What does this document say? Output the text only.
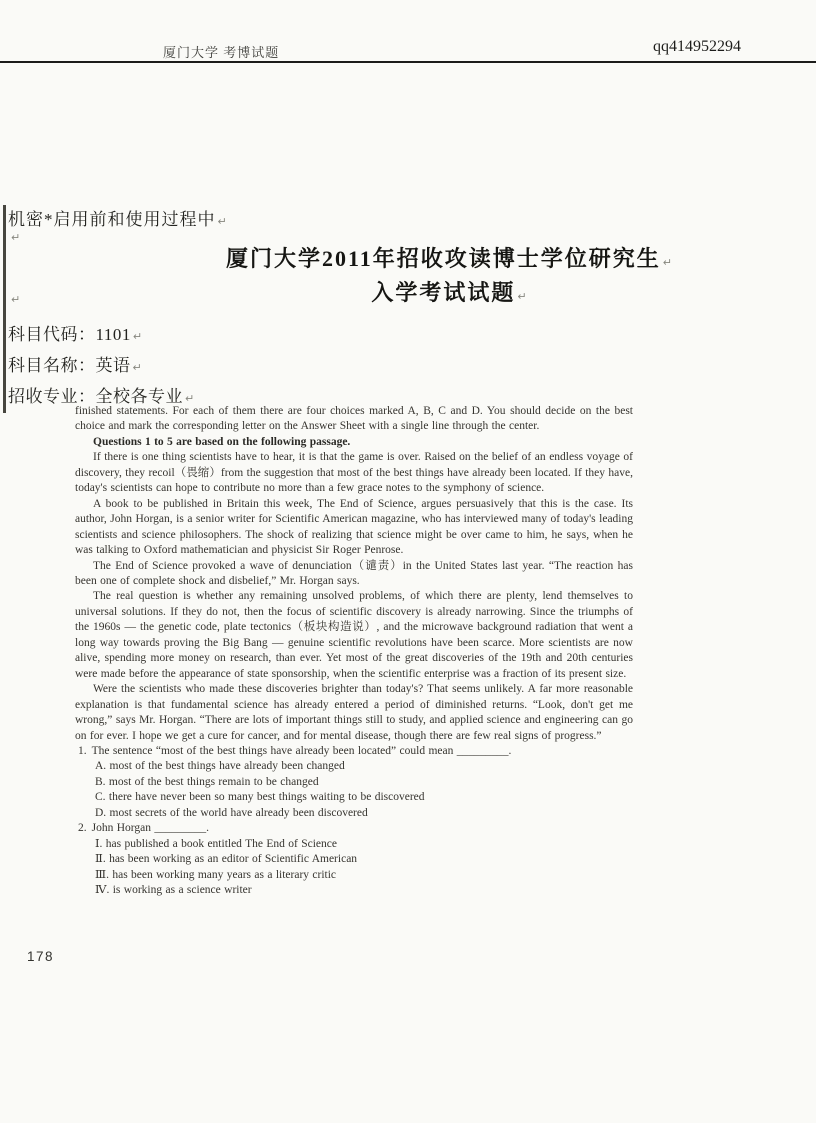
厦门大学 考博试题	qq414952294
机密*启用前和使用过程中 ↵
↵
↵
厦门大学2011年招收攻读博士学位研究生 ↵
入学考试试题 ↵
科目代码：1101 ↵
科目名称：英语 ↵
招收专业：全校各专业 ↵

finished statements. For each of them there are four choices marked A, B, C and D. You should decide on the best choice and mark the corresponding letter on the Answer Sheet with a single line through the center.

Questions 1 to 5 are based on the following passage.

If there is one thing scientists have to hear, it is that the game is over. Raised on the belief of an endless voyage of discovery, they recoil（畏缩）from the suggestion that most of the best things have already been located. If they have, today's scientists can hope to contribute no more than a few grace notes to the symphony of science.

A book to be published in Britain this week, The End of Science, argues persuasively that this is the case. Its author, John Horgan, is a senior writer for Scientific American magazine, who has interviewed many of today's leading scientists and science philosophers. The shock of realizing that science might be over came to him, he says, when he was talking to Oxford mathematician and physicist Sir Roger Penrose.

The End of Science provoked a wave of denunciation（谴责）in the United States last year. “The reaction has been one of complete shock and disbelief,” Mr. Horgan says.

The real question is whether any remaining unsolved problems, of which there are plenty, lend themselves to universal solutions. If they do not, then the focus of scientific discovery is already narrowing. Since the triumphs of the 1960s — the genetic code, plate tectonics（板块构造说）, and the microwave background radiation that went a long way towards proving the Big Bang — genuine scientific revolutions have been scarce. More scientists are now alive, spending more money on research, than ever. Yet most of the great discoveries of the 19th and 20th centuries were made before the appearance of state sponsorship, when the scientific enterprise was a fraction of its present size.

Were the scientists who made these discoveries brighter than today's? That seems unlikely. A far more reasonable explanation is that fundamental science has already entered a period of diminished returns. “Look, don't get me wrong,” says Mr. Horgan. “There are lots of important things still to study, and applied science and engineering can go on for ever. I hope we get a cure for cancer, and for mental disease, though there are few real signs of progress.”

1. The sentence “most of the best things have already been located” could mean _________.

A. most of the best things have already been changed

B. most of the best things remain to be changed

C. there have never been so many best things waiting to be discovered

D. most secrets of the world have already been discovered

2. John Horgan _________.

Ⅰ. has published a book entitled The End of Science

Ⅱ. has been working as an editor of Scientific American

Ⅲ. has been working many years as a literary critic

Ⅳ. is working as a science writer

178
